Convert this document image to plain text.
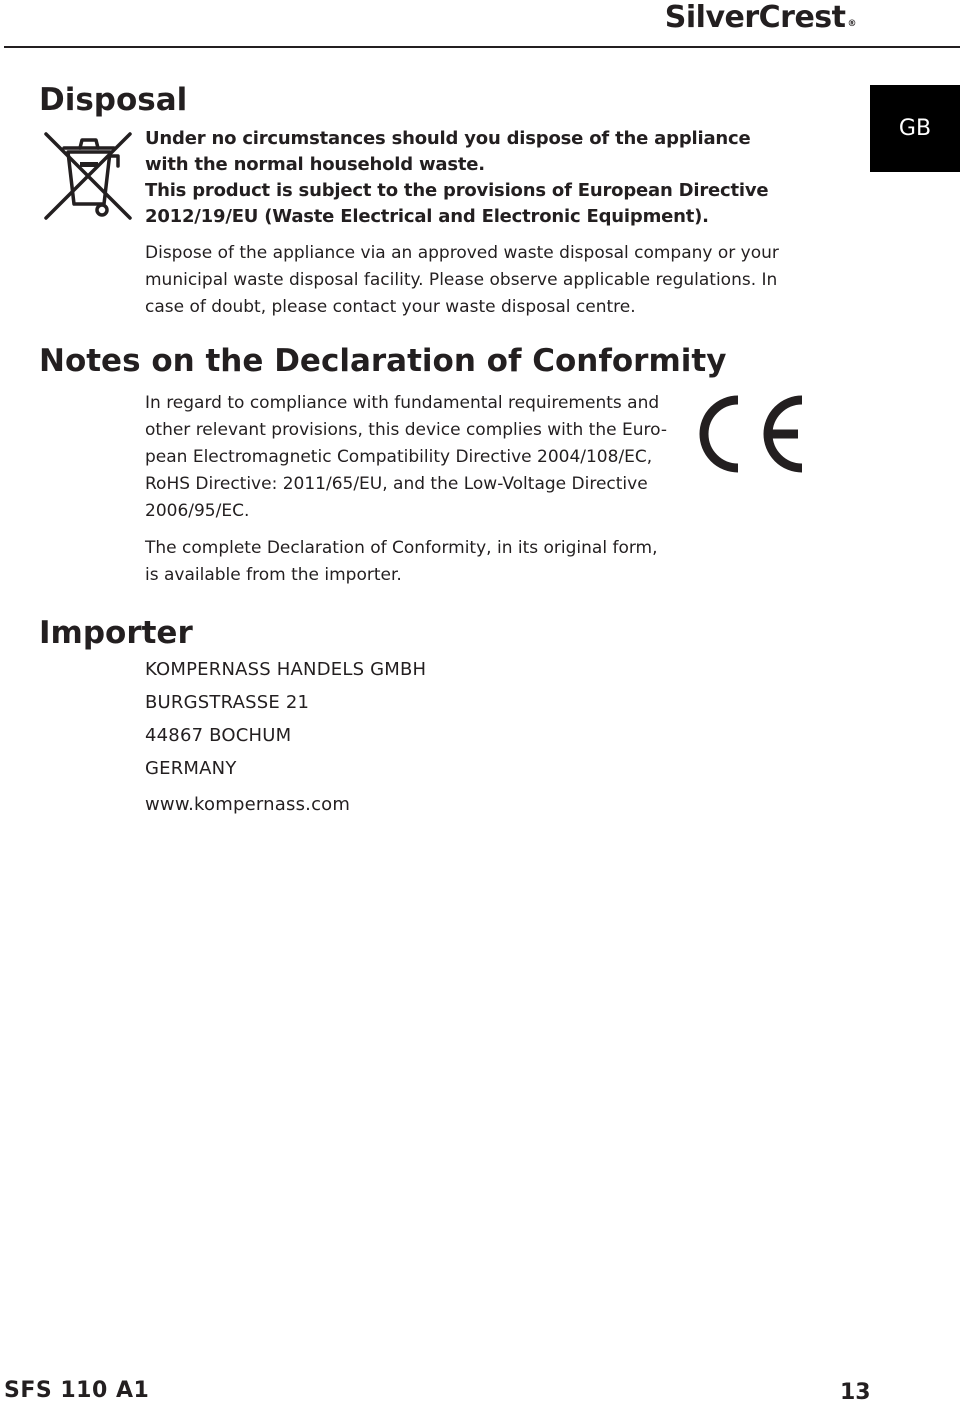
SilverCrest ®
GB
Disposal
Under no circumstances should you dispose of the appliance
with the normal household waste.
This product is subject to the provisions of European Directive
2012/19/EU (Waste Electrical and Electronic Equipment).
Dispose of the appliance via an approved waste disposal company or your
municipal waste disposal facility. Please observe applicable regulations. In
case of doubt, please contact your waste disposal centre.
Notes on the Declaration of Conformity
In regard to compliance with fundamental requirements and
other relevant provisions, this device complies with the Euro-
pean Electromagnetic Compatibility Directive 2004/108/EC,
RoHS Directive: 2011/65/EU, and the Low-Voltage Directive
2006/95/EC.
The complete Declaration of Conformity, in its original form,
is available from the importer.
Importer
KOMPERNASS HANDELS GMBH
BURGSTRASSE 21
44867 BOCHUM
GERMANY
www.kompernass.com
SFS 110 A1	13
